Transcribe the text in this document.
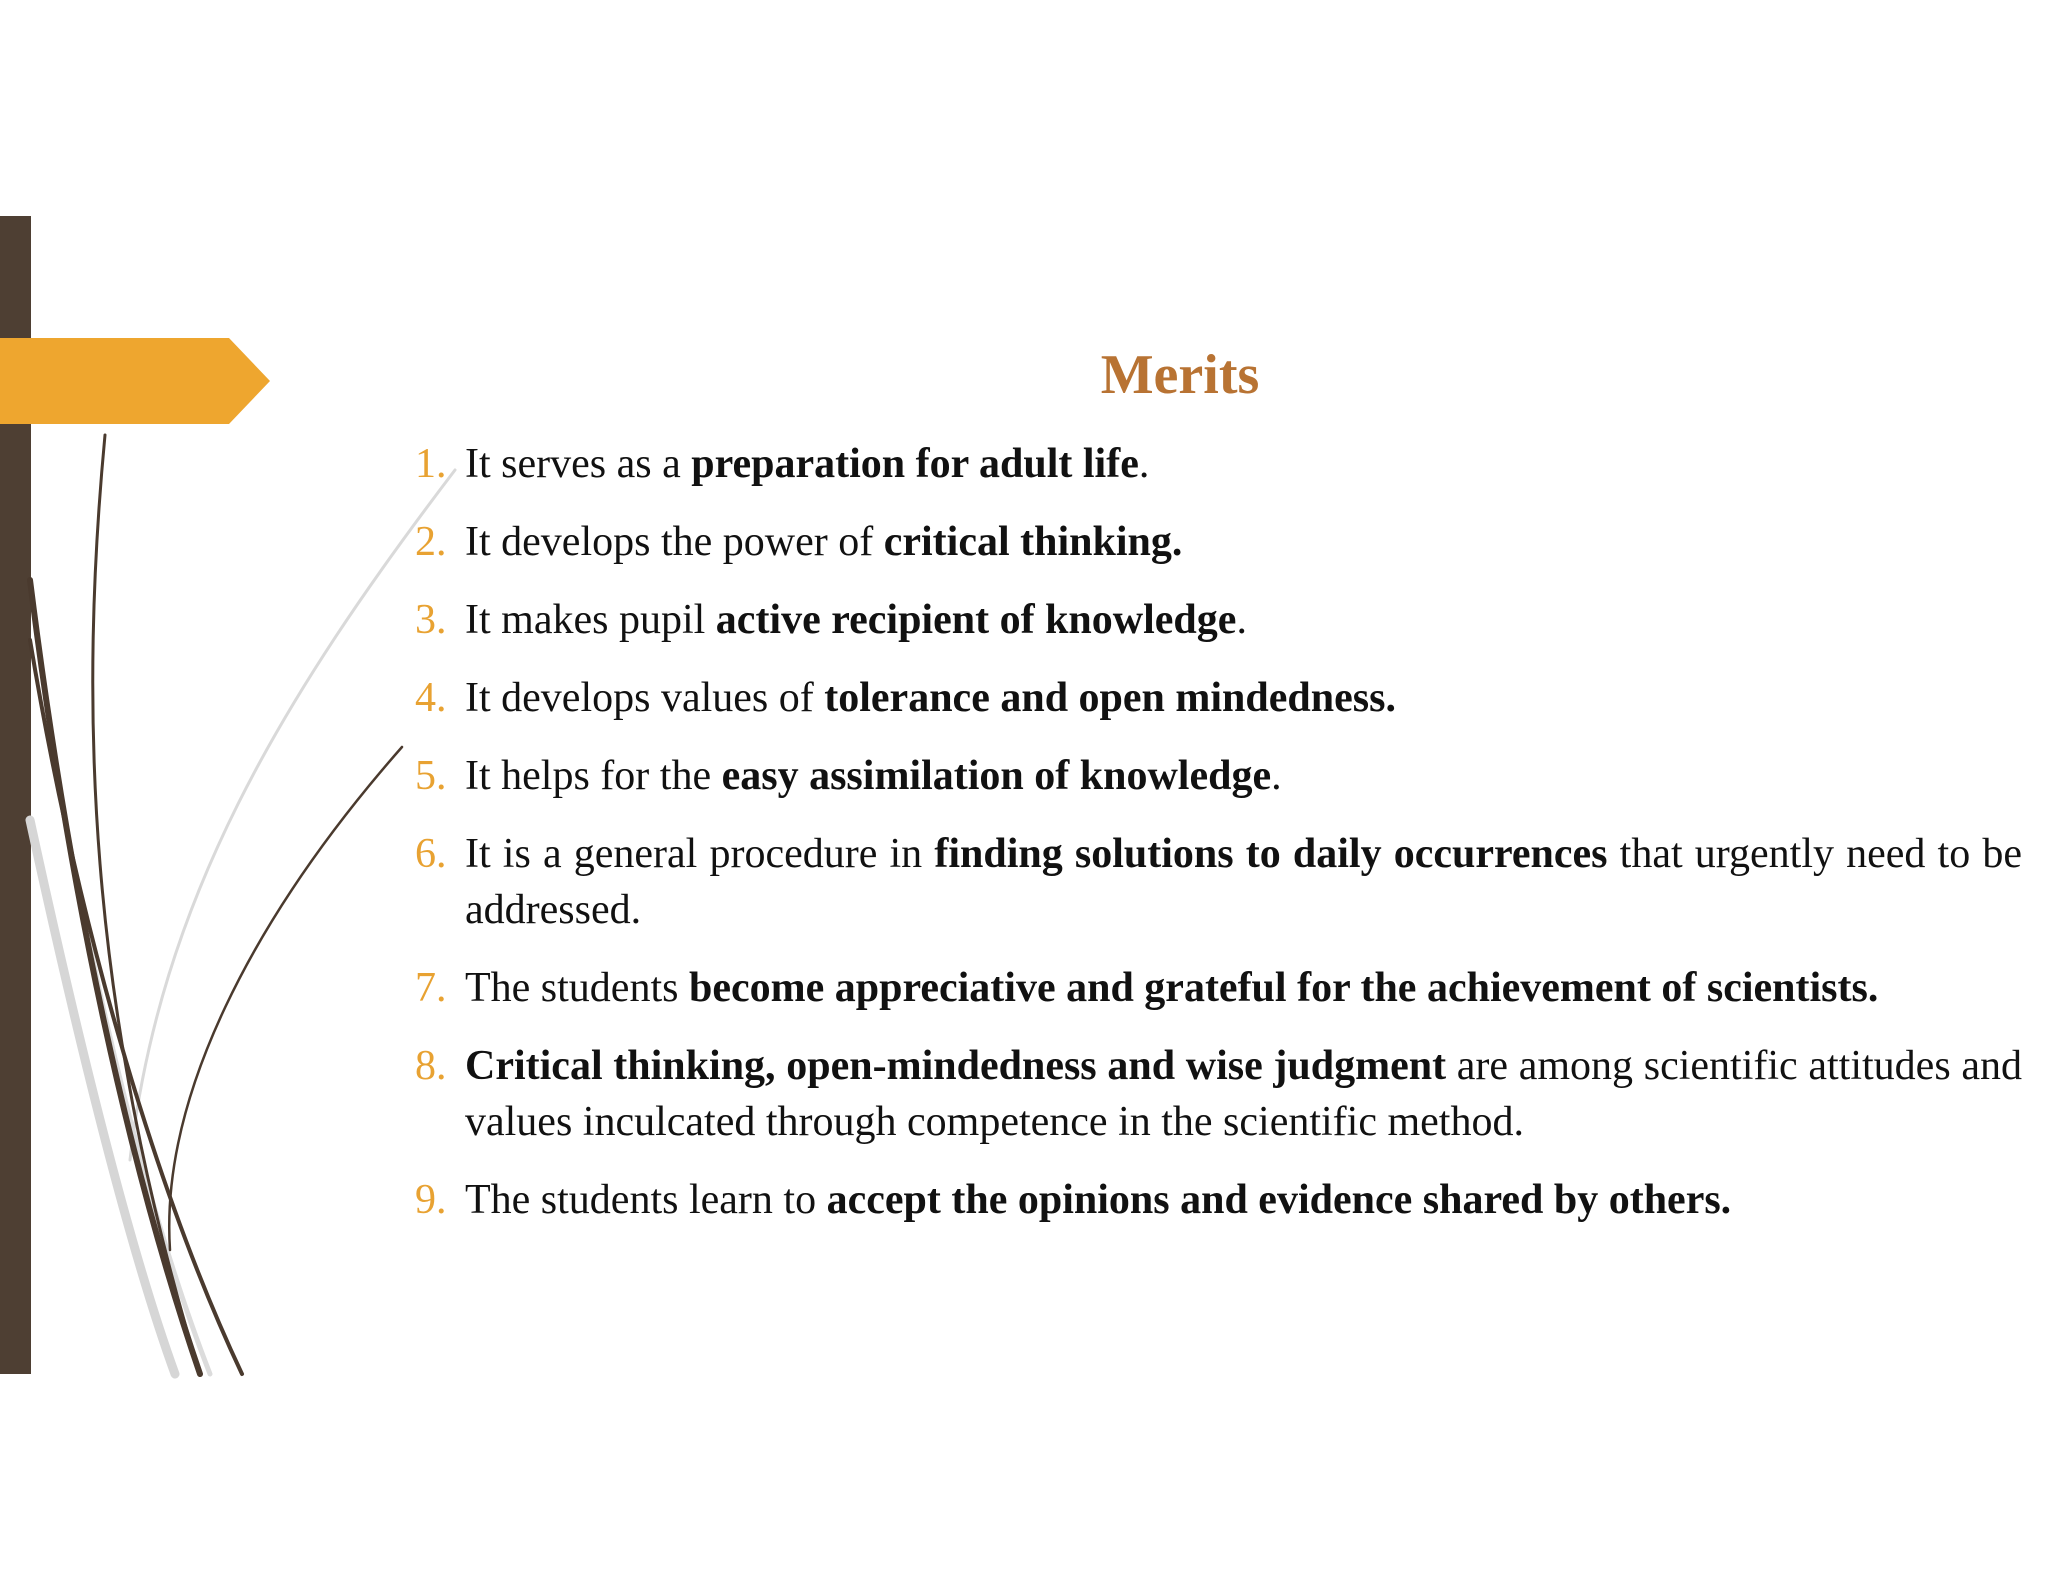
Merits
1. It serves as a preparation for adult life.
2. It develops the power of critical thinking.
3. It makes pupil active recipient of knowledge.
4. It develops values of tolerance and open mindedness.
5. It helps for the easy assimilation of knowledge.
6. It is a general procedure in finding solutions to daily occurrences that urgently need to be addressed.
7. The students become appreciative and grateful for the achievement of scientists.
8. Critical thinking, open-mindedness and wise judgment are among scientific attitudes and values inculcated through competence in the scientific method.
9. The students learn to accept the opinions and evidence shared by others.
